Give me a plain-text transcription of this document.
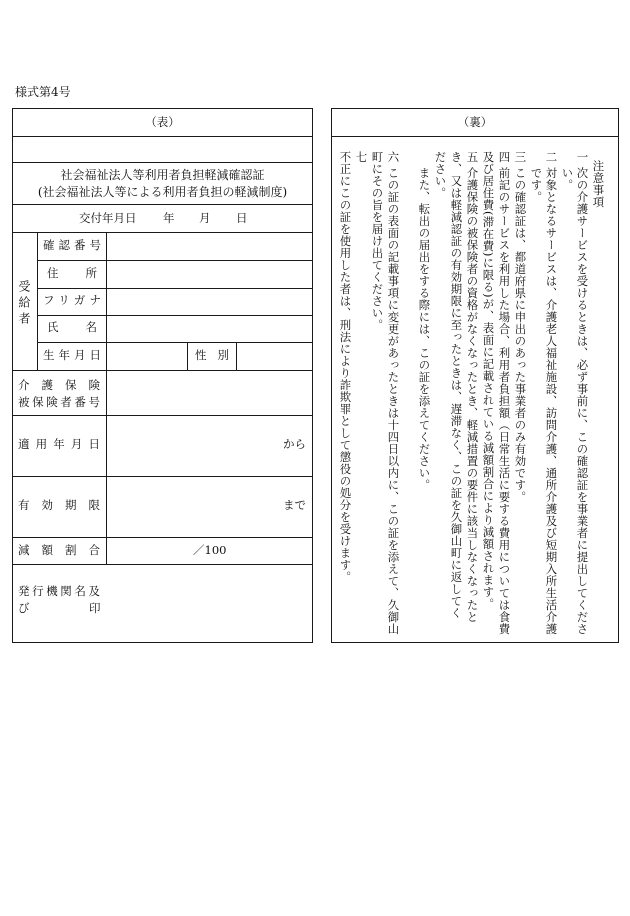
様式第4号
（表）
社会福祉法人等利用者負担軽減確認証
(社会福祉法人等による利用者負担の軽減制度)
交付年月日 年 月 日
受給者
確認番号
住所
フリガナ
氏名
生年月日	性別
介護保険
被保険者番号
適用年月日	から
有効期限	まで
減額割合	／100
発行機関名及
び	印
（裏）
注意事項
一
次の介護サービスを受けるときは、必ず事前に、この確認証を事業者に提出してくださ
い。
二
対象となるサービスは、介護老人福祉施設、訪問介護、通所介護及び短期入所生活介護
です。
三
この確認証は、都道府県に申出のあった事業者のみ有効です。
四
前記のサービスを利用した場合、利用者負担額（日常生活に要する費用については食費
及び居住費(滞在費)に限る)が、表面に記載されている減額割合により減額されます。
五
介護保険の被保険者の資格がなくなったとき、軽減措置の要件に該当しなくなったと
き、又は軽減認証の有効期限に至ったときは、遅滞なく、この証を久御山町に返してく
ださい。
また、転出の届出をする際には、この証を添えてください。
六
この証の表面の記載事項に変更があったときは十四日以内に、この証を添えて、久御山
町にその旨を届け出てください。
七
不正にこの証を使用した者は、刑法により詐欺罪として懲役の処分を受けます。
